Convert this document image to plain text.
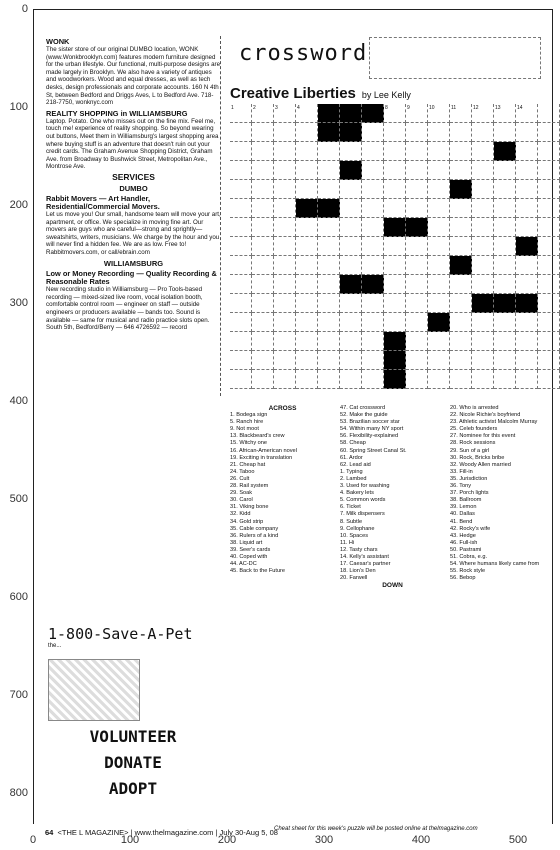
0
100
200
300
400
500
600
700
800
0	100	200	300	400	500
WONK

The sister store of our original DUMBO location, WONK (www.Wonkbrooklyn.com) features modern furniture designed for the urban lifestyle. Our functional, multi-purpose designs are made largely in Brooklyn. We also have a variety of antiques and woodworkers. Wood and equal dresses, as well as tech desks, design professionals and corporate accounts. 160 N 4th St, between Bedford and Driggs Aves, L to Bedford Ave. 718-218-7750, wonknyc.com

REALITY SHOPPING in WILLIAMSBURG

Laptop. Potato. One who misses out on the fine mix. Feel me, touch me! experience of reality shopping. So beyond wearing out buttons, Meet them in Williamsburg's largest shopping area where buying stuff is an adventure that doesn't ruin out your credit cards. The Graham Avenue Shopping District, Graham Ave. from Broadway to Bushwick Street, Metropolitan Ave., Montrose Ave.

SERVICES
DUMBO
Rabbit Movers — Art Handler, Residential/Commercial Movers.

Let us move you! Our small, handsome team will move your art, apartment, or office. We specialize in moving fine art. Our movers are guys who are careful—strong and sprightly—sweatshirts, writers, musicians. We charge by the hour and you will never find a hidden fee. We are as low. Free to! Rabbitmovers.com, or call/ebrain.com

WILLIAMSBURG
Low or Money Recording — Quality Recording & Reasonable Rates

New recording studio in Williamsburg — Pro Tools-based recording — mixed-sized live room, vocal isolation booth, comfortable control room — engineer on staff — outside engineers or producers available — bands too. Sound is available — same for musical and radio practice slots open. South 5th, Bedford/Berry — 646 4726592 — record

crossword
Creative Liberties by Lee Kelly
1	2	3	4	8	9	10	11	12	13	14
ACROSS
1. Bodega sign
5. Ranch hire
9. Not moot
13. Blackbeard's crew
15. Witchy one
16. African-American novel
19. Exciting in translation
21. Cheap hat
24. Taboo
26. Cult
28. Rail system
29. Soak
30. Carol
31. Viking bone
32. Kidd
34. Gold strip
35. Cable company
36. Rulers of a kind
38. Liquid art
39. Seer's cards
40. Coped with
44. AC-DC
45. Back to the Future
47. Cat crossword
52. Make the guide
53. Brazilian soccer star
54. Within many NY sport
56. Flexibility-explained
58. Cheap
60. Spring Street Canal St.
61. Ardor
62. Lead aid
1. Typing
2. Lambed
3. Used for washing
4. Bakery lets
5. Common words
6. Ticket
7. Milk dispensers
8. Subtle
9. Cellophane
10. Spaces
11. Hi
12. Tasty chars
14. Kelly's assistant
17. Caesar's partner
18. Lion's Den
20. Farwell
DOWN
20. Who is arrested
22. Nicole Richie's boyfriend
23. Athletic activist Malcolm Murray
25. Celeb founders
27. Nominee for this event
28. Rock sessions
29. Sun of a girl
30. Rock, Bricks bribe
32. Woody Allen married
33. Fill-in
35. Jurisdiction
36. Tony
37. Porch lights
38. Ballroom
39. Lemon
40. Dallas
41. Bend
42. Rocky's wife
43. Hedge
46. Full-ish
50. Pastrami
51. Cobra, e.g.
54. Where humans likely came from
55. Rock style
56. Bebop
1-800-Save-A-Pet
the...
VOLUNTEER
DONATE
ADOPT
Cheat sheet for this week's puzzle will be posted online at thelmagazine.com
64 <THE L MAGAZINE> | www.thelmagazine.com | July 30-Aug 5, 08
